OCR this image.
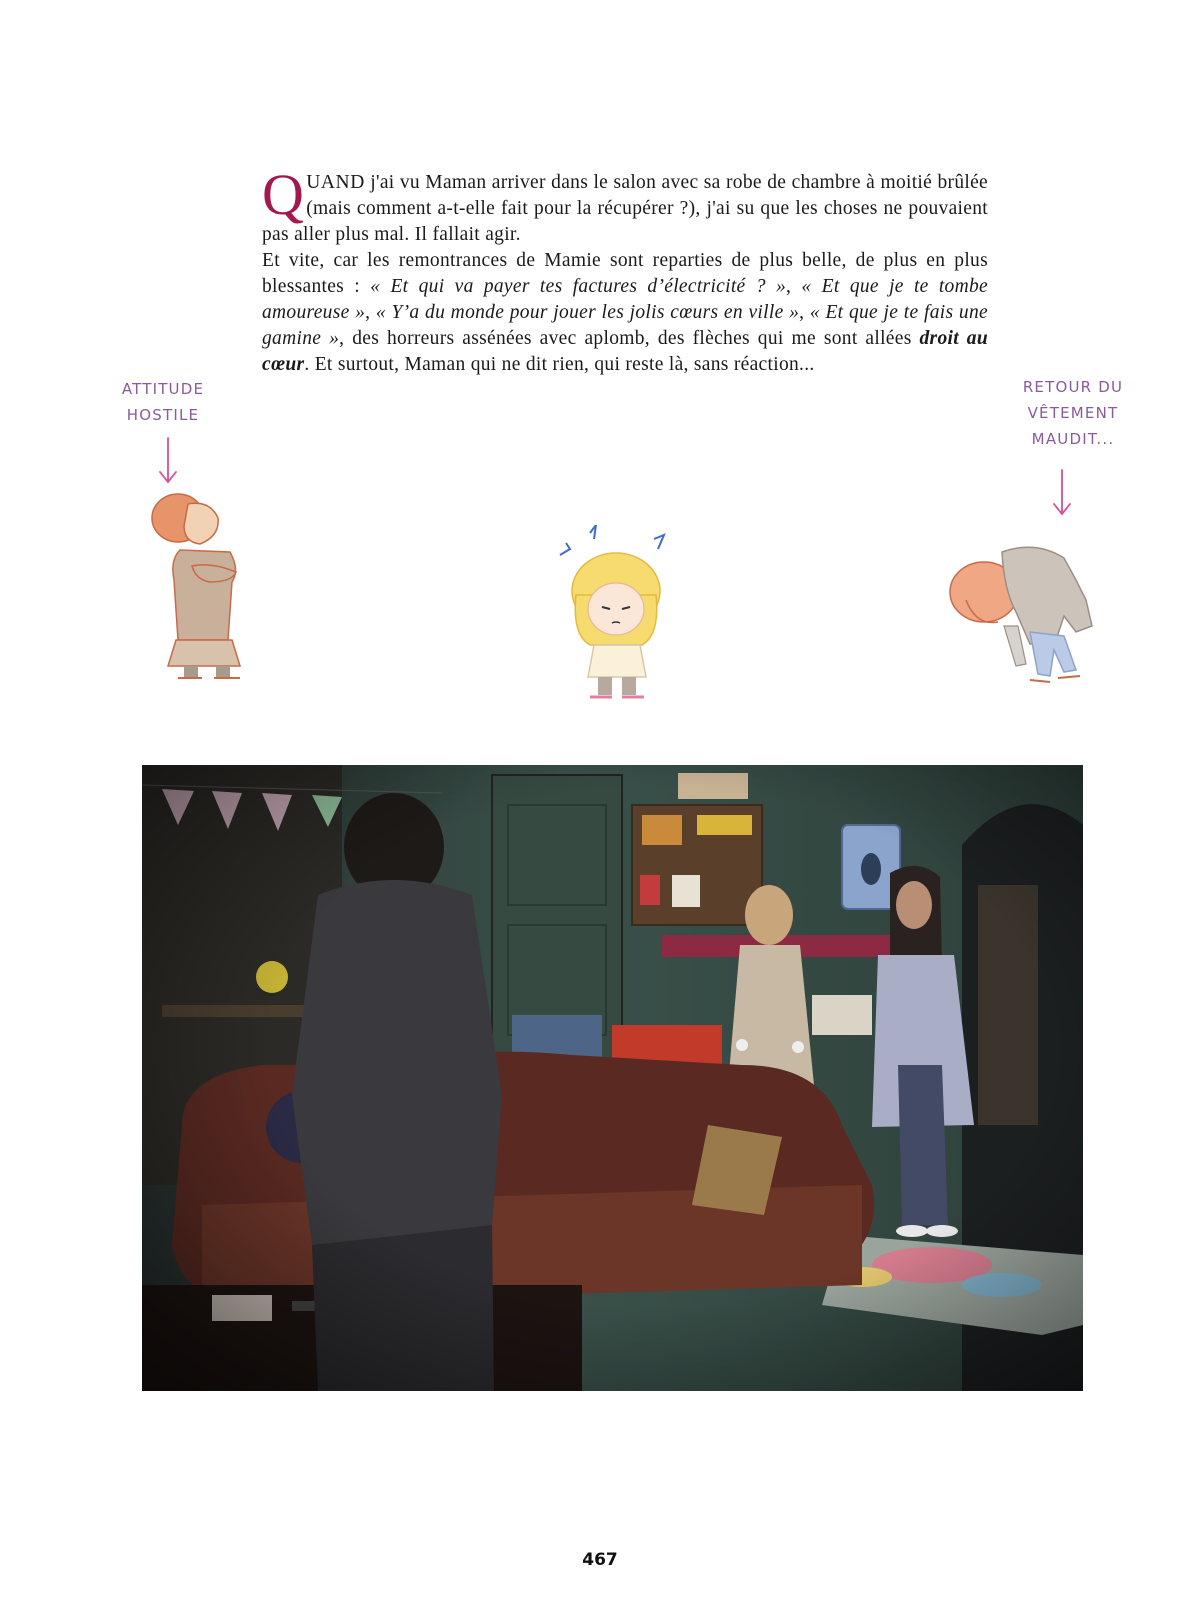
QUAND j'ai vu Maman arriver dans le salon avec sa robe de chambre à moitié brûlée (mais comment a-t-elle fait pour la récupérer ?), j'ai su que les choses ne pouvaient pas aller plus mal. Il fallait agir.
Et vite, car les remontrances de Mamie sont reparties de plus belle, de plus en plus blessantes : « Et qui va payer tes factures d’électricité ? », « Et que je te tombe amoureuse », « Y’a du monde pour jouer les jolis cœurs en ville », « Et que je te fais une gamine », des horreurs assénées avec aplomb, des flèches qui me sont allées droit au cœur. Et surtout, Maman qui ne dit rien, qui reste là, sans réaction...
ATTITUDE
HOSTILE
RETOUR DU
VÊTEMENT
MAUDIT...
467
